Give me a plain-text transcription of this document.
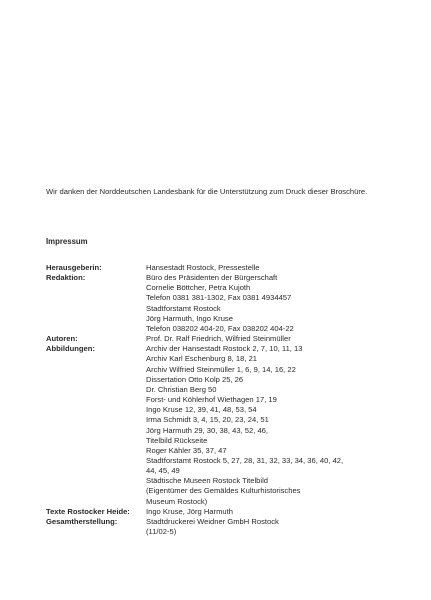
Wir danken der Norddeutschen Landesbank für die Unterstützung zum Druck dieser Broschüre.

Impressum
Herausgeberin:	Hansestadt Rostock, Pressestelle
Redaktion:	Büro des Präsidenten der Bürgerschaft
Cornelie Böttcher, Petra Kujoth
Telefon 0381 381-1302, Fax 0381 4934457
Stadtforstamt Rostock
Jörg Harmuth, Ingo Kruse
Telefon 038202 404-20, Fax 038202 404-22
Autoren:	Prof. Dr. Ralf Friedrich, Wilfried Steinmüller
Abbildungen:	Archiv der Hansestadt Rostock 2, 7, 10, 11, 13
Archiv Karl Eschenburg 8, 18, 21
Archiv Wilfried Steinmüller 1, 6, 9, 14, 16, 22
Dissertation Otto Kolp 25, 26
Dr. Christian Berg 50
Forst- und Köhlerhof Wiethagen 17, 19
Ingo Kruse 12, 39, 41, 48, 53, 54
Irma Schmidt 3, 4, 15, 20, 23, 24, 51
Jörg Harmuth 29, 30, 38, 43, 52, 46,
Titelbild Rückseite
Roger Kähler 35, 37, 47
Stadtforstamt Rostock 5, 27, 28, 31, 32, 33, 34, 36, 40, 42,
44, 45, 49
Städtische Museen Rostock Titelbild
(Eigentümer des Gemäldes Kulturhistorisches
Museum Rostock)
Texte Rostocker Heide:	Ingo Kruse, Jörg Harmuth
Gesamtherstellung:	Stadtdruckerei Weidner GmbH Rostock
(11/02-5)
